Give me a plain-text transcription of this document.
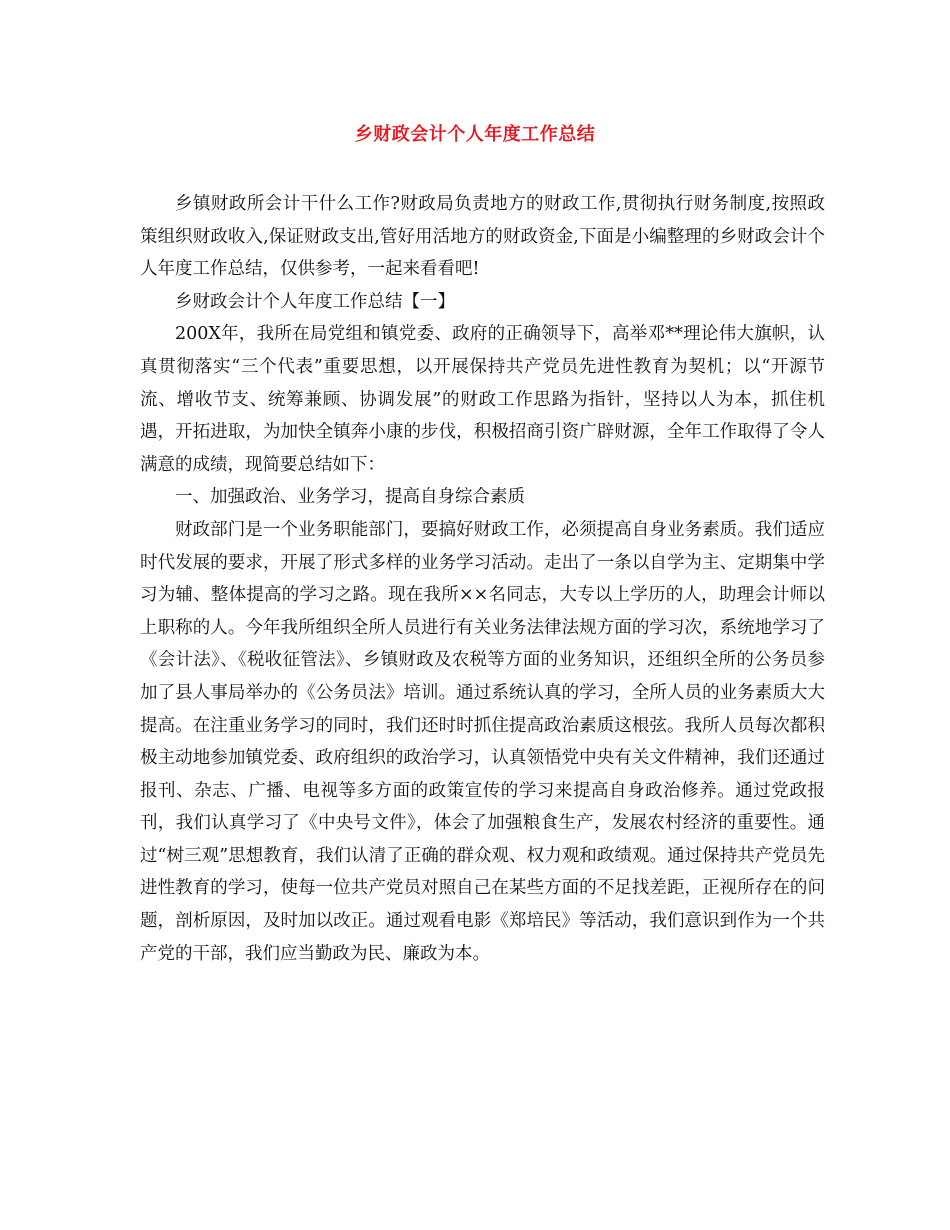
乡财政会计个人年度工作总结

乡镇财政所会计干什么工作?财政局负责地方的财政工作,贯彻执行财务制度,按照政策组织财政收入,保证财政支出,管好用活地方的财政资金,下面是小编整理的乡财政会计个人年度工作总结，仅供参考，一起来看看吧!

乡财政会计个人年度工作总结【一】

200X年，我所在局党组和镇党委、政府的正确领导下，高举邓**理论伟大旗帜，认真贯彻落实“三个代表”重要思想，以开展保持共产党员先进性教育为契机；以“开源节流、增收节支、统筹兼顾、协调发展”的财政工作思路为指针，坚持以人为本，抓住机遇，开拓进取，为加快全镇奔小康的步伐，积极招商引资广辟财源，全年工作取得了令人满意的成绩，现简要总结如下：

一、加强政治、业务学习，提高自身综合素质

财政部门是一个业务职能部门，要搞好财政工作，必须提高自身业务素质。我们适应时代发展的要求，开展了形式多样的业务学习活动。走出了一条以自学为主、定期集中学习为辅、整体提高的学习之路。现在我所××名同志，大专以上学历的人，助理会计师以上职称的人。今年我所组织全所人员进行有关业务法律法规方面的学习次，系统地学习了《会计法》、《税收征管法》、乡镇财政及农税等方面的业务知识，还组织全所的公务员参加了县人事局举办的《公务员法》培训。通过系统认真的学习，全所人员的业务素质大大提高。在注重业务学习的同时，我们还时时抓住提高政治素质这根弦。我所人员每次都积极主动地参加镇党委、政府组织的政治学习，认真领悟党中央有关文件精神，我们还通过报刊、杂志、广播、电视等多方面的政策宣传的学习来提高自身政治修养。通过党政报刊，我们认真学习了《中央号文件》，体会了加强粮食生产，发展农村经济的重要性。通过“树三观”思想教育，我们认清了正确的群众观、权力观和政绩观。通过保持共产党员先进性教育的学习，使每一位共产党员对照自己在某些方面的不足找差距，正视所存在的问题，剖析原因，及时加以改正。通过观看电影《郑培民》等活动，我们意识到作为一个共产党的干部，我们应当勤政为民、廉政为本。
